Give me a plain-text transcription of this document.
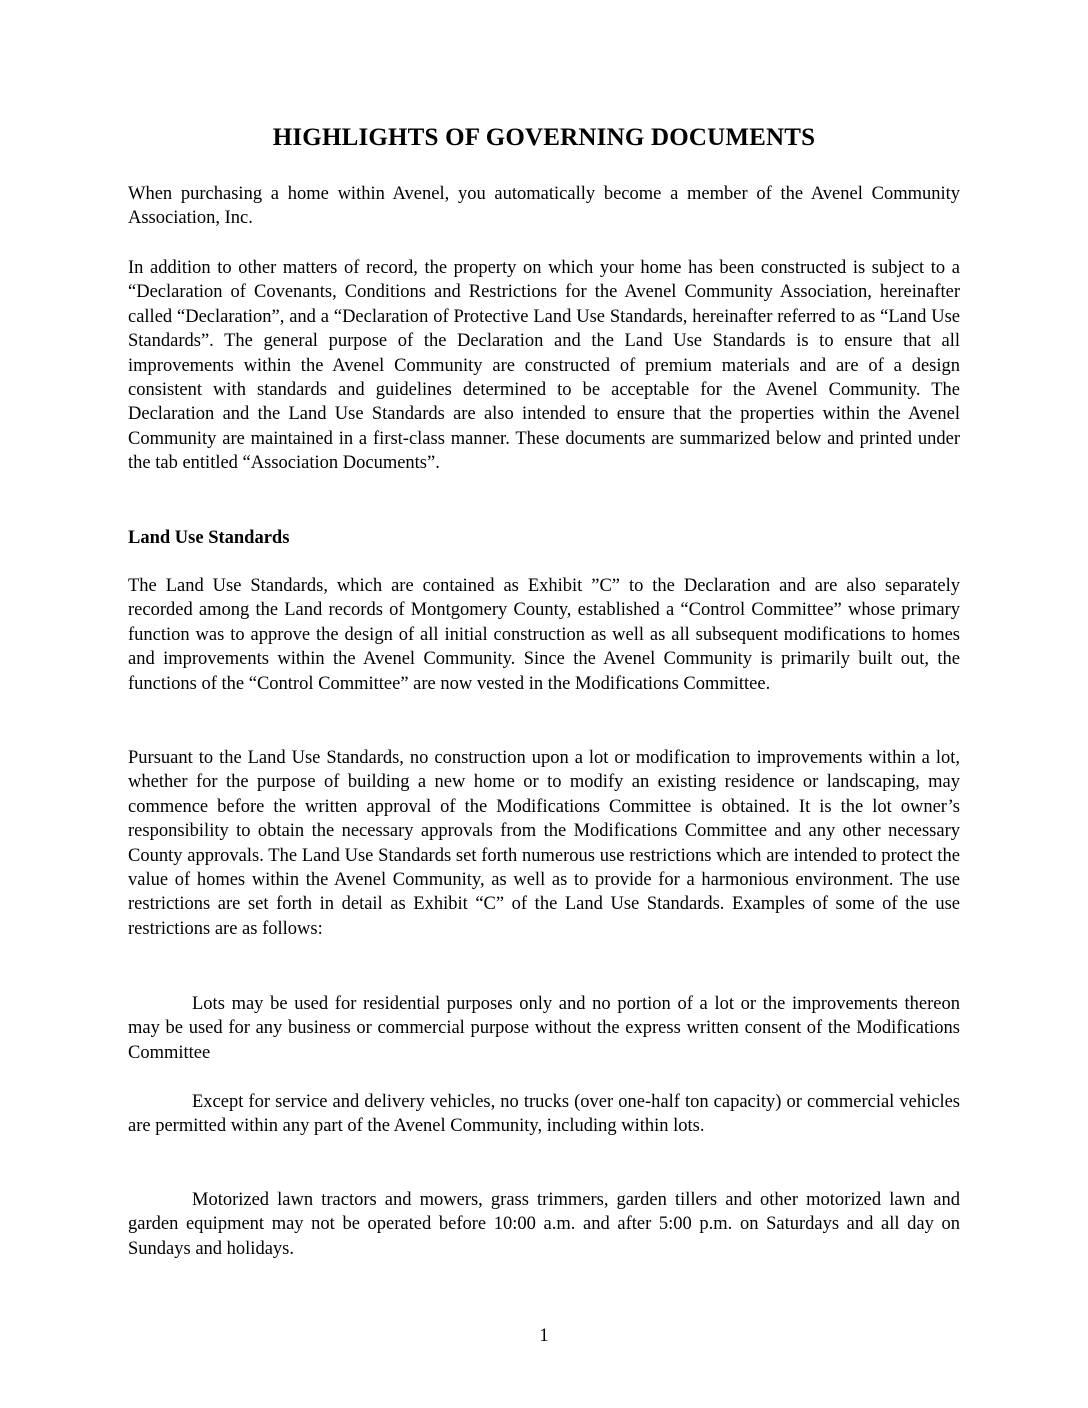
HIGHLIGHTS OF GOVERNING DOCUMENTS

When purchasing a home within Avenel, you automatically become a member of the Avenel Community Association, Inc.

In addition to other matters of record, the property on which your home has been constructed is subject to a “Declaration of Covenants, Conditions and Restrictions for the Avenel Community Association, hereinafter called “Declaration”, and a “Declaration of Protective Land Use Standards, hereinafter referred to as “Land Use Standards”. The general purpose of the Declaration and the Land Use Standards is to ensure that all improvements within the Avenel Community are constructed of premium materials and are of a design consistent with standards and guidelines determined to be acceptable for the Avenel Community. The Declaration and the Land Use Standards are also intended to ensure that the properties within the Avenel Community are maintained in a first-class manner. These documents are summarized below and printed under the tab entitled “Association Documents”.

Land Use Standards

The Land Use Standards, which are contained as Exhibit ”C” to the Declaration and are also separately recorded among the Land records of Montgomery County, established a “Control Committee” whose primary function was to approve the design of all initial construction as well as all subsequent modifications to homes and improvements within the Avenel Community. Since the Avenel Community is primarily built out, the functions of the “Control Committee” are now vested in the Modifications Committee.

Pursuant to the Land Use Standards, no construction upon a lot or modification to improvements within a lot, whether for the purpose of building a new home or to modify an existing residence or landscaping, may commence before the written approval of the Modifications Committee is obtained. It is the lot owner’s responsibility to obtain the necessary approvals from the Modifications Committee and any other necessary County approvals. The Land Use Standards set forth numerous use restrictions which are intended to protect the value of homes within the Avenel Community, as well as to provide for a harmonious environment. The use restrictions are set forth in detail as Exhibit “C” of the Land Use Standards. Examples of some of the use restrictions are as follows:

Lots may be used for residential purposes only and no portion of a lot or the improvements thereon may be used for any business or commercial purpose without the express written consent of the Modifications Committee

Except for service and delivery vehicles, no trucks (over one-half ton capacity) or commercial vehicles are permitted within any part of the Avenel Community, including within lots.

Motorized lawn tractors and mowers, grass trimmers, garden tillers and other motorized lawn and garden equipment may not be operated before 10:00 a.m. and after 5:00 p.m. on Saturdays and all day on Sundays and holidays.

1
